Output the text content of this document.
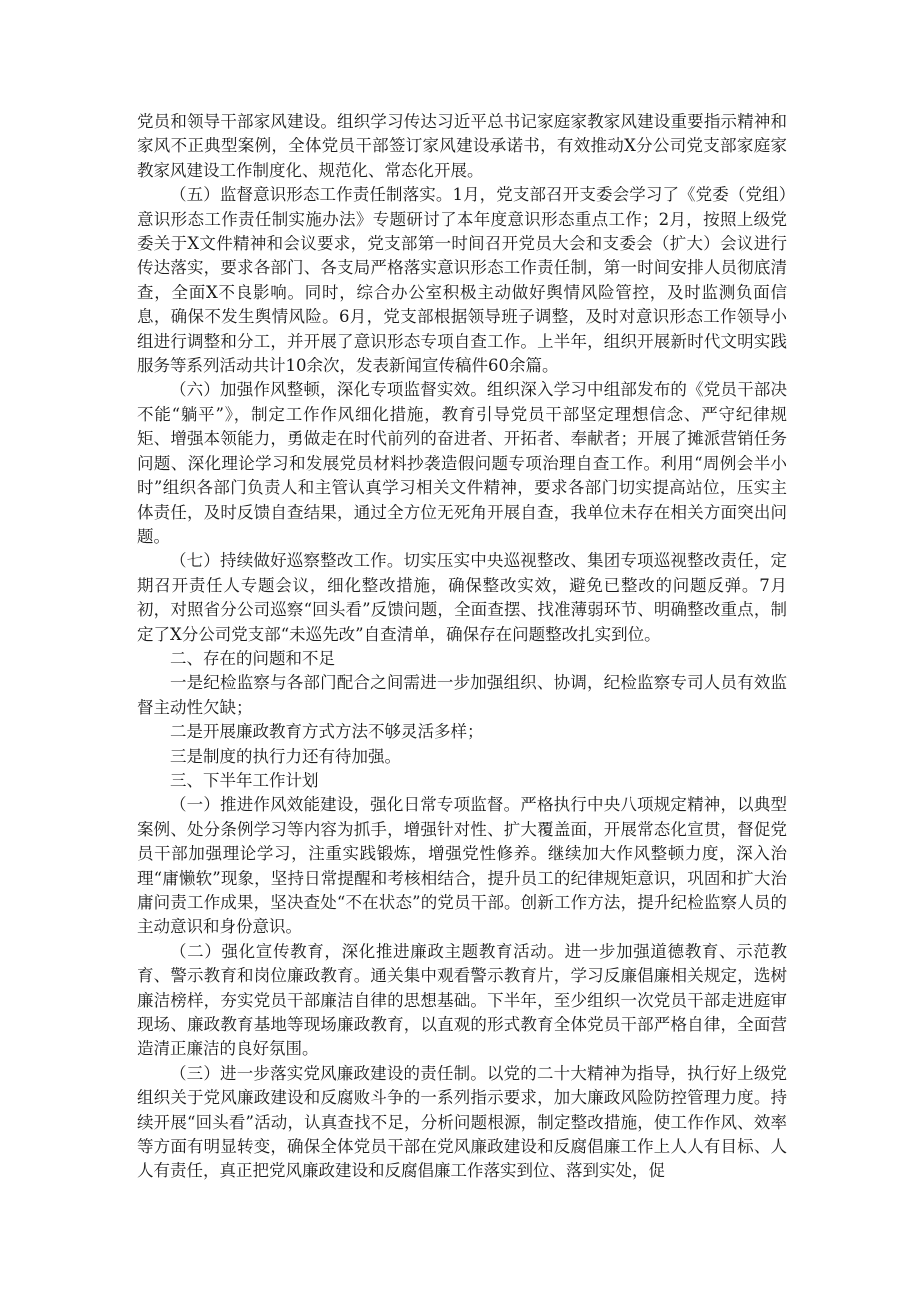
党员和领导干部家风建设。组织学习传达习近平总书记家庭家教家风建设重要指示精神和家风不正典型案例，全体党员干部签订家风建设承诺书，有效推动X分公司党支部家庭家教家风建设工作制度化、规范化、常态化开展。

（五）监督意识形态工作责任制落实。1月，党支部召开支委会学习了《党委（党组）意识形态工作责任制实施办法》专题研讨了本年度意识形态重点工作；2月，按照上级党委关于X文件精神和会议要求，党支部第一时间召开党员大会和支委会（扩大）会议进行传达落实，要求各部门、各支局严格落实意识形态工作责任制，第一时间安排人员彻底清查，全面X不良影响。同时，综合办公室积极主动做好舆情风险管控，及时监测负面信息，确保不发生舆情风险。6月，党支部根据领导班子调整，及时对意识形态工作领导小组进行调整和分工，并开展了意识形态专项自查工作。上半年，组织开展新时代文明实践服务等系列活动共计10余次，发表新闻宣传稿件60余篇。

（六）加强作风整顿，深化专项监督实效。组织深入学习中组部发布的《党员干部决不能“躺平”》，制定工作作风细化措施，教育引导党员干部坚定理想信念、严守纪律规矩、增强本领能力，勇做走在时代前列的奋进者、开拓者、奉献者；开展了摊派营销任务问题、深化理论学习和发展党员材料抄袭造假问题专项治理自查工作。利用“周例会半小时”组织各部门负责人和主管认真学习相关文件精神，要求各部门切实提高站位，压实主体责任，及时反馈自查结果，通过全方位无死角开展自查，我单位未存在相关方面突出问题。

（七）持续做好巡察整改工作。切实压实中央巡视整改、集团专项巡视整改责任，定期召开责任人专题会议，细化整改措施，确保整改实效，避免已整改的问题反弹。7月初，对照省分公司巡察“回头看”反馈问题，全面查摆、找准薄弱环节、明确整改重点，制定了X分公司党支部“未巡先改”自查清单，确保存在问题整改扎实到位。

二、存在的问题和不足

一是纪检监察与各部门配合之间需进一步加强组织、协调，纪检监察专司人员有效监督主动性欠缺；

二是开展廉政教育方式方法不够灵活多样；

三是制度的执行力还有待加强。

三、下半年工作计划

（一）推进作风效能建设，强化日常专项监督。严格执行中央八项规定精神，以典型案例、处分条例学习等内容为抓手，增强针对性、扩大覆盖面，开展常态化宣贯，督促党员干部加强理论学习，注重实践锻炼，增强党性修养。继续加大作风整顿力度，深入治理“庸懒软”现象，坚持日常提醒和考核相结合，提升员工的纪律规矩意识，巩固和扩大治庸问责工作成果，坚决查处“不在状态”的党员干部。创新工作方法，提升纪检监察人员的主动意识和身份意识。

（二）强化宣传教育，深化推进廉政主题教育活动。进一步加强道德教育、示范教育、警示教育和岗位廉政教育。通关集中观看警示教育片，学习反廉倡廉相关规定，选树廉洁榜样，夯实党员干部廉洁自律的思想基础。下半年，至少组织一次党员干部走进庭审现场、廉政教育基地等现场廉政教育，以直观的形式教育全体党员干部严格自律，全面营造清正廉洁的良好氛围。

（三）进一步落实党风廉政建设的责任制。以党的二十大精神为指导，执行好上级党组织关于党风廉政建设和反腐败斗争的一系列指示要求，加大廉政风险防控管理力度。持续开展“回头看”活动，认真查找不足，分析问题根源，制定整改措施，使工作作风、效率等方面有明显转变，确保全体党员干部在党风廉政建设和反腐倡廉工作上人人有目标、人人有责任，真正把党风廉政建设和反腐倡廉工作落实到位、落到实处，促
